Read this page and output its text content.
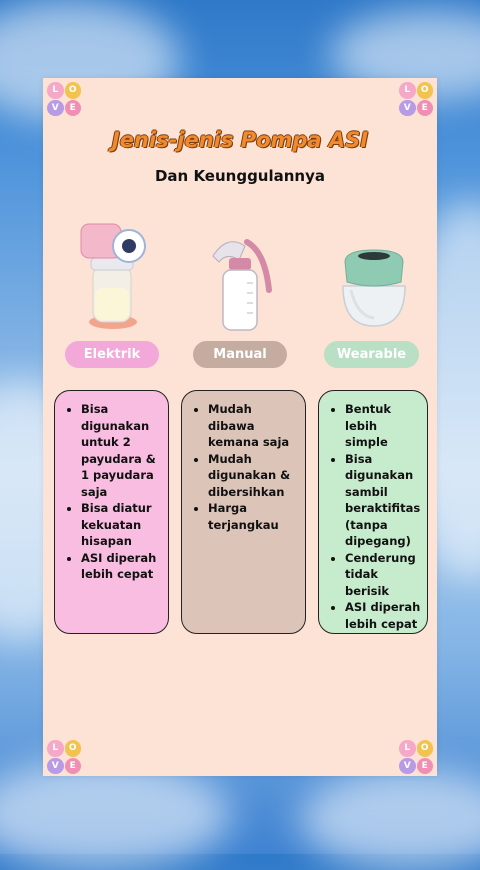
L	O
V	E
L	O
V	E
L	O
V	E
L	O
V	E
Jenis-jenis Pompa ASI
Dan Keunggulannya
Elektrik	Manual	Wearable
• Bisa digunakan untuk 2 payudara & 1 payudara saja
• Bisa diatur kekuatan hisapan
• ASI diperah lebih cepat
• Mudah dibawa kemana saja
• Mudah digunakan & dibersihkan
• Harga terjangkau
• Bentuk lebih simple
• Bisa digunakan sambil beraktifitas (tanpa dipegang)
• Cenderung tidak berisik
• ASI diperah lebih cepat
